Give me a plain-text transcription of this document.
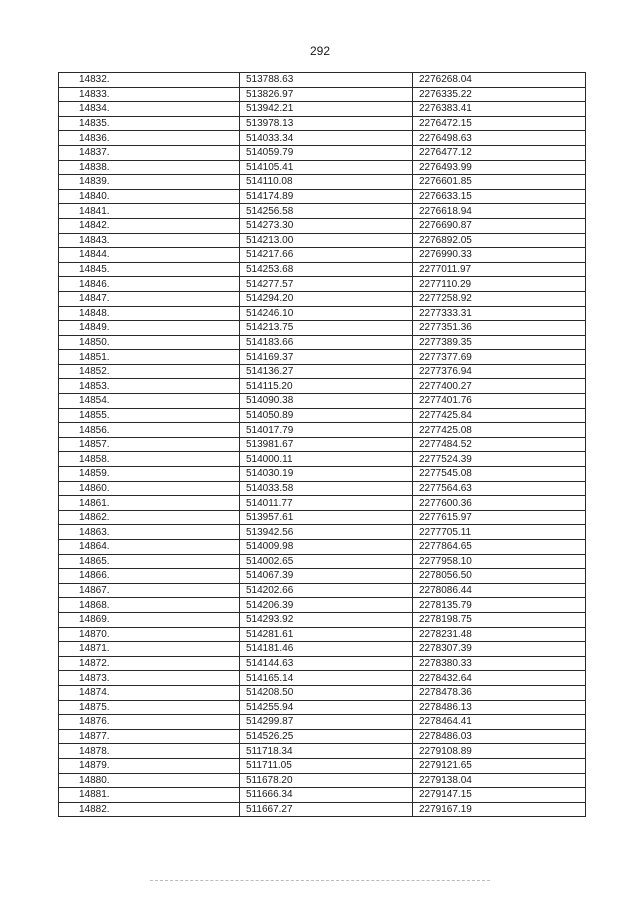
292
14832.	513788.63	2276268.04
14833.	513826.97	2276335.22
14834.	513942.21	2276383.41
14835.	513978.13	2276472.15
14836.	514033.34	2276498.63
14837.	514059.79	2276477.12
14838.	514105.41	2276493.99
14839.	514110.08	2276601.85
14840.	514174.89	2276633.15
14841.	514256.58	2276618.94
14842.	514273.30	2276690.87
14843.	514213.00	2276892.05
14844.	514217.66	2276990.33
14845.	514253.68	2277011.97
14846.	514277.57	2277110.29
14847.	514294.20	2277258.92
14848.	514246.10	2277333.31
14849.	514213.75	2277351.36
14850.	514183.66	2277389.35
14851.	514169.37	2277377.69
14852.	514136.27	2277376.94
14853.	514115.20	2277400.27
14854.	514090.38	2277401.76
14855.	514050.89	2277425.84
14856.	514017.79	2277425.08
14857.	513981.67	2277484.52
14858.	514000.11	2277524.39
14859.	514030.19	2277545.08
14860.	514033.58	2277564.63
14861.	514011.77	2277600.36
14862.	513957.61	2277615.97
14863.	513942.56	2277705.11
14864.	514009.98	2277864.65
14865.	514002.65	2277958.10
14866.	514067.39	2278056.50
14867.	514202.66	2278086.44
14868.	514206.39	2278135.79
14869.	514293.92	2278198.75
14870.	514281.61	2278231.48
14871.	514181.46	2278307.39
14872.	514144.63	2278380.33
14873.	514165.14	2278432.64
14874.	514208.50	2278478.36
14875.	514255.94	2278486.13
14876.	514299.87	2278464.41
14877.	514526.25	2278486.03
14878.	511718.34	2279108.89
14879.	511711.05	2279121.65
14880.	511678.20	2279138.04
14881.	511666.34	2279147.15
14882.	511667.27	2279167.19
